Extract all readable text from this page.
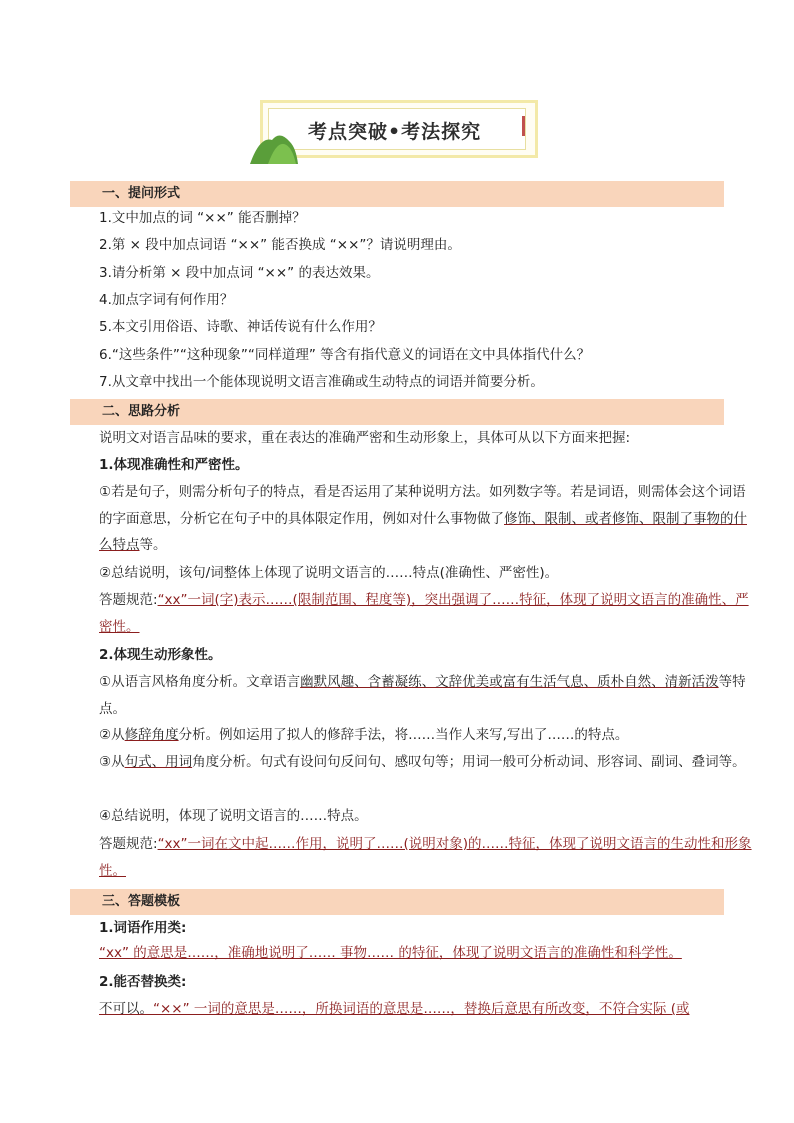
考点突破•考法探究
一、提问形式
1.文中加点的词 “××” 能否删掉？
2.第 × 段中加点词语 “××” 能否换成 “××”？请说明理由。
3.请分析第 × 段中加点词 “××” 的表达效果。
4.加点字词有何作用？
5.本文引用俗语、诗歌、神话传说有什么作用？
6.“这些条件”“这种现象”“同样道理” 等含有指代意义的词语在文中具体指代什么？
7.从文章中找出一个能体现说明文语言准确或生动特点的词语并简要分析。
二、思路分析
说明文对语言品味的要求，重在表达的准确严密和生动形象上，具体可从以下方面来把握:
1.体现准确性和严密性。
①若是句子，则需分析句子的特点，看是否运用了某种说明方法。如列数字等。若是词语，则需体会这个词语的字面意思，分析它在句子中的具体限定作用，例如对什么事物做了修饰、限制、或者修饰、限制了事物的什么特点等。
②总结说明，该句/词整体上体现了说明文语言的……特点(准确性、严密性)。
答题规范:“xx”一词(字)表示……(限制范围、程度等)，突出强调了……特征，体现了说明文语言的准确性、严密性。
2.体现生动形象性。
①从语言风格角度分析。文章语言幽默风趣、含蓄凝练、文辞优美或富有生活气息、质朴自然、清新活泼等特点。
②从修辞角度分析。例如运用了拟人的修辞手法，将……当作人来写,写出了……的特点。
③从句式、用词角度分析。句式有设问句反问句、感叹句等；用词一般可分析动词、形容词、副词、叠词等。
④总结说明，体现了说明文语言的……特点。
答题规范:“xx”一词在文中起……作用，说明了……(说明对象)的……特征，体现了说明文语言的生动性和形象性。
三、答题模板
1.词语作用类:
“xx” 的意思是……，准确地说明了…… 事物…… 的特征，体现了说明文语言的准确性和科学性。
2.能否替换类:
不可以。“××” 一词的意思是……，所换词语的意思是……，替换后意思有所改变，不符合实际 (或
